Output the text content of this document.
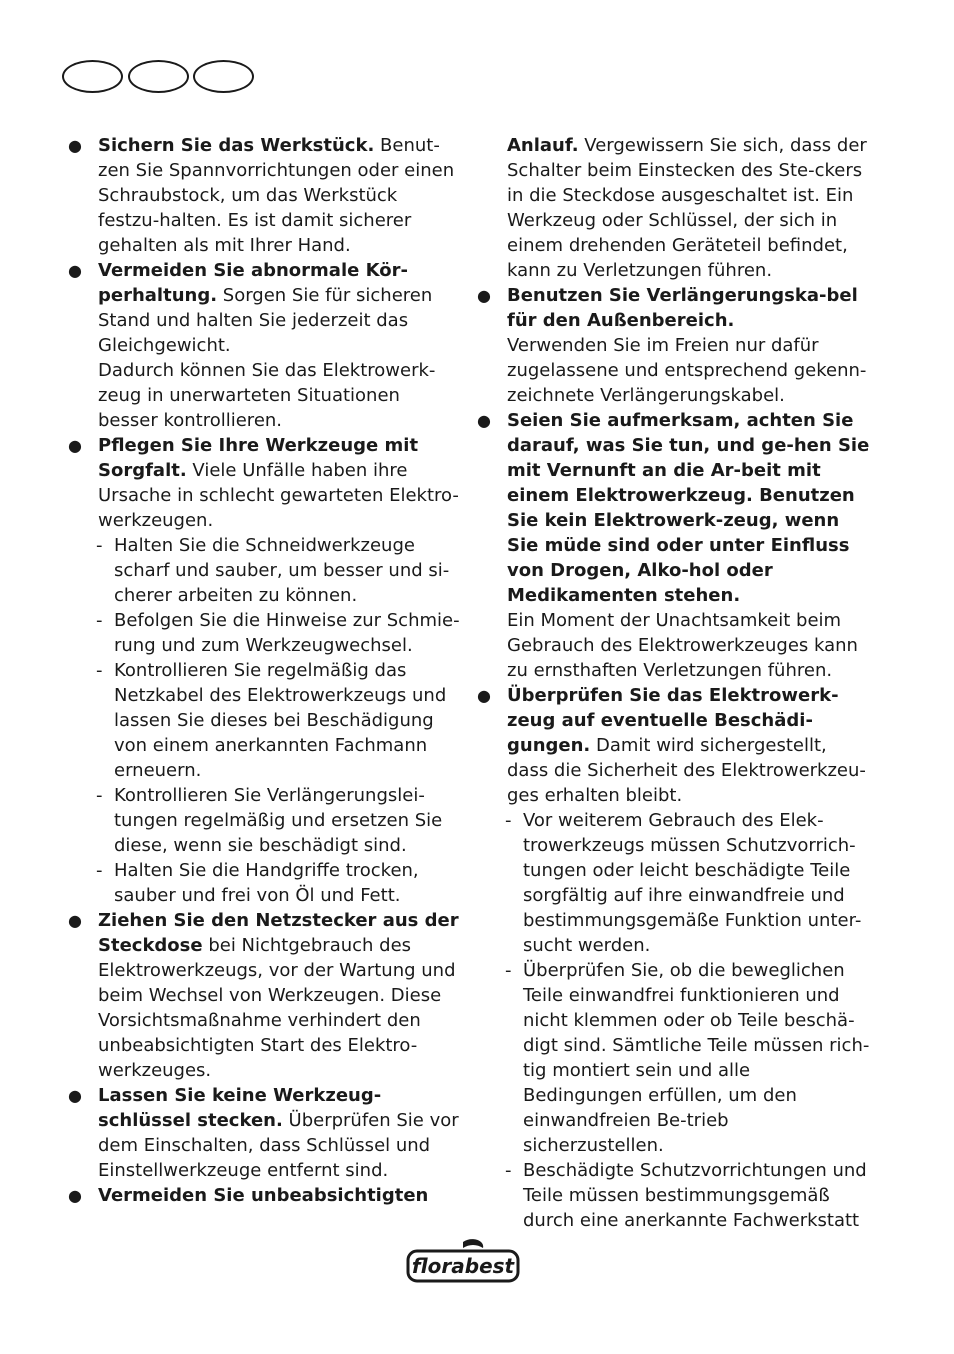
● Sichern Sie das Werkstück. Benut-zen Sie Spannvorrichtungen oder einen Schraubstock, um das Werkstück festzu-halten. Es ist damit sicherer gehalten als mit Ihrer Hand.
● Vermeiden Sie abnormale Kör-perhaltung. Sorgen Sie für sicheren Stand und halten Sie jederzeit das Gleichgewicht.
Dadurch können Sie das Elektrowerk-zeug in unerwarteten Situationen besser kontrollieren.
● Pflegen Sie Ihre Werkzeuge mit Sorgfalt. Viele Unfälle haben ihre Ursache in schlecht gewarteten Elektro-werkzeugen.
- Halten Sie die Schneidwerkzeuge scharf und sauber, um besser und si-cherer arbeiten zu können.
- Befolgen Sie die Hinweise zur Schmie-rung und zum Werkzeugwechsel.
- Kontrollieren Sie regelmäßig das Netzkabel des Elektrowerkzeugs und lassen Sie dieses bei Beschädigung von einem anerkannten Fachmann erneuern.
- Kontrollieren Sie Verlängerungslei-tungen regelmäßig und ersetzen Sie diese, wenn sie beschädigt sind.
- Halten Sie die Handgriffe trocken, sauber und frei von Öl und Fett.
● Ziehen Sie den Netzstecker aus der Steckdose bei Nichtgebrauch des Elektrowerkzeugs, vor der Wartung und beim Wechsel von Werkzeugen. Diese Vorsichtsmaßnahme verhindert den unbeabsichtigten Start des Elektro-werkzeuges.
● Lassen Sie keine Werkzeug-schlüssel stecken. Überprüfen Sie vor dem Einschalten, dass Schlüssel und Einstellwerkzeuge entfernt sind.
● Vermeiden Sie unbeabsichtigten
Anlauf. Vergewissern Sie sich, dass der Schalter beim Einstecken des Ste-ckers in die Steckdose ausgeschaltet ist. Ein Werkzeug oder Schlüssel, der sich in einem drehenden Geräteteil befindet, kann zu Verletzungen führen.
● Benutzen Sie Verlängerungska-bel für den Außenbereich.
Verwenden Sie im Freien nur dafür zugelassene und entsprechend gekenn-zeichnete Verlängerungskabel.
● Seien Sie aufmerksam, achten Sie darauf, was Sie tun, und ge-hen Sie mit Vernunft an die Ar-beit mit einem Elektrowerkzeug. Benutzen Sie kein Elektrowerk-zeug, wenn Sie müde sind oder unter Einfluss von Drogen, Alko-hol oder Medikamenten stehen.
Ein Moment der Unachtsamkeit beim Gebrauch des Elektrowerkzeuges kann zu ernsthaften Verletzungen führen.
● Überprüfen Sie das Elektrowerk-zeug auf eventuelle Beschädi-gungen. Damit wird sichergestellt, dass die Sicherheit des Elektrowerkzeu-ges erhalten bleibt.
- Vor weiterem Gebrauch des Elek-trowerkzeugs müssen Schutzvorrich-tungen oder leicht beschädigte Teile sorgfältig auf ihre einwandfreie und bestimmungsgemäße Funktion unter-sucht werden.
- Überprüfen Sie, ob die beweglichen Teile einwandfrei funktionieren und nicht klemmen oder ob Teile beschä-digt sind. Sämtliche Teile müssen rich-tig montiert sein und alle Bedingungen erfüllen, um den einwandfreien Be-trieb sicherzustellen.
- Beschädigte Schutzvorrichtungen und Teile müssen bestimmungsgemäß durch eine anerkannte Fachwerkstatt
florabest
